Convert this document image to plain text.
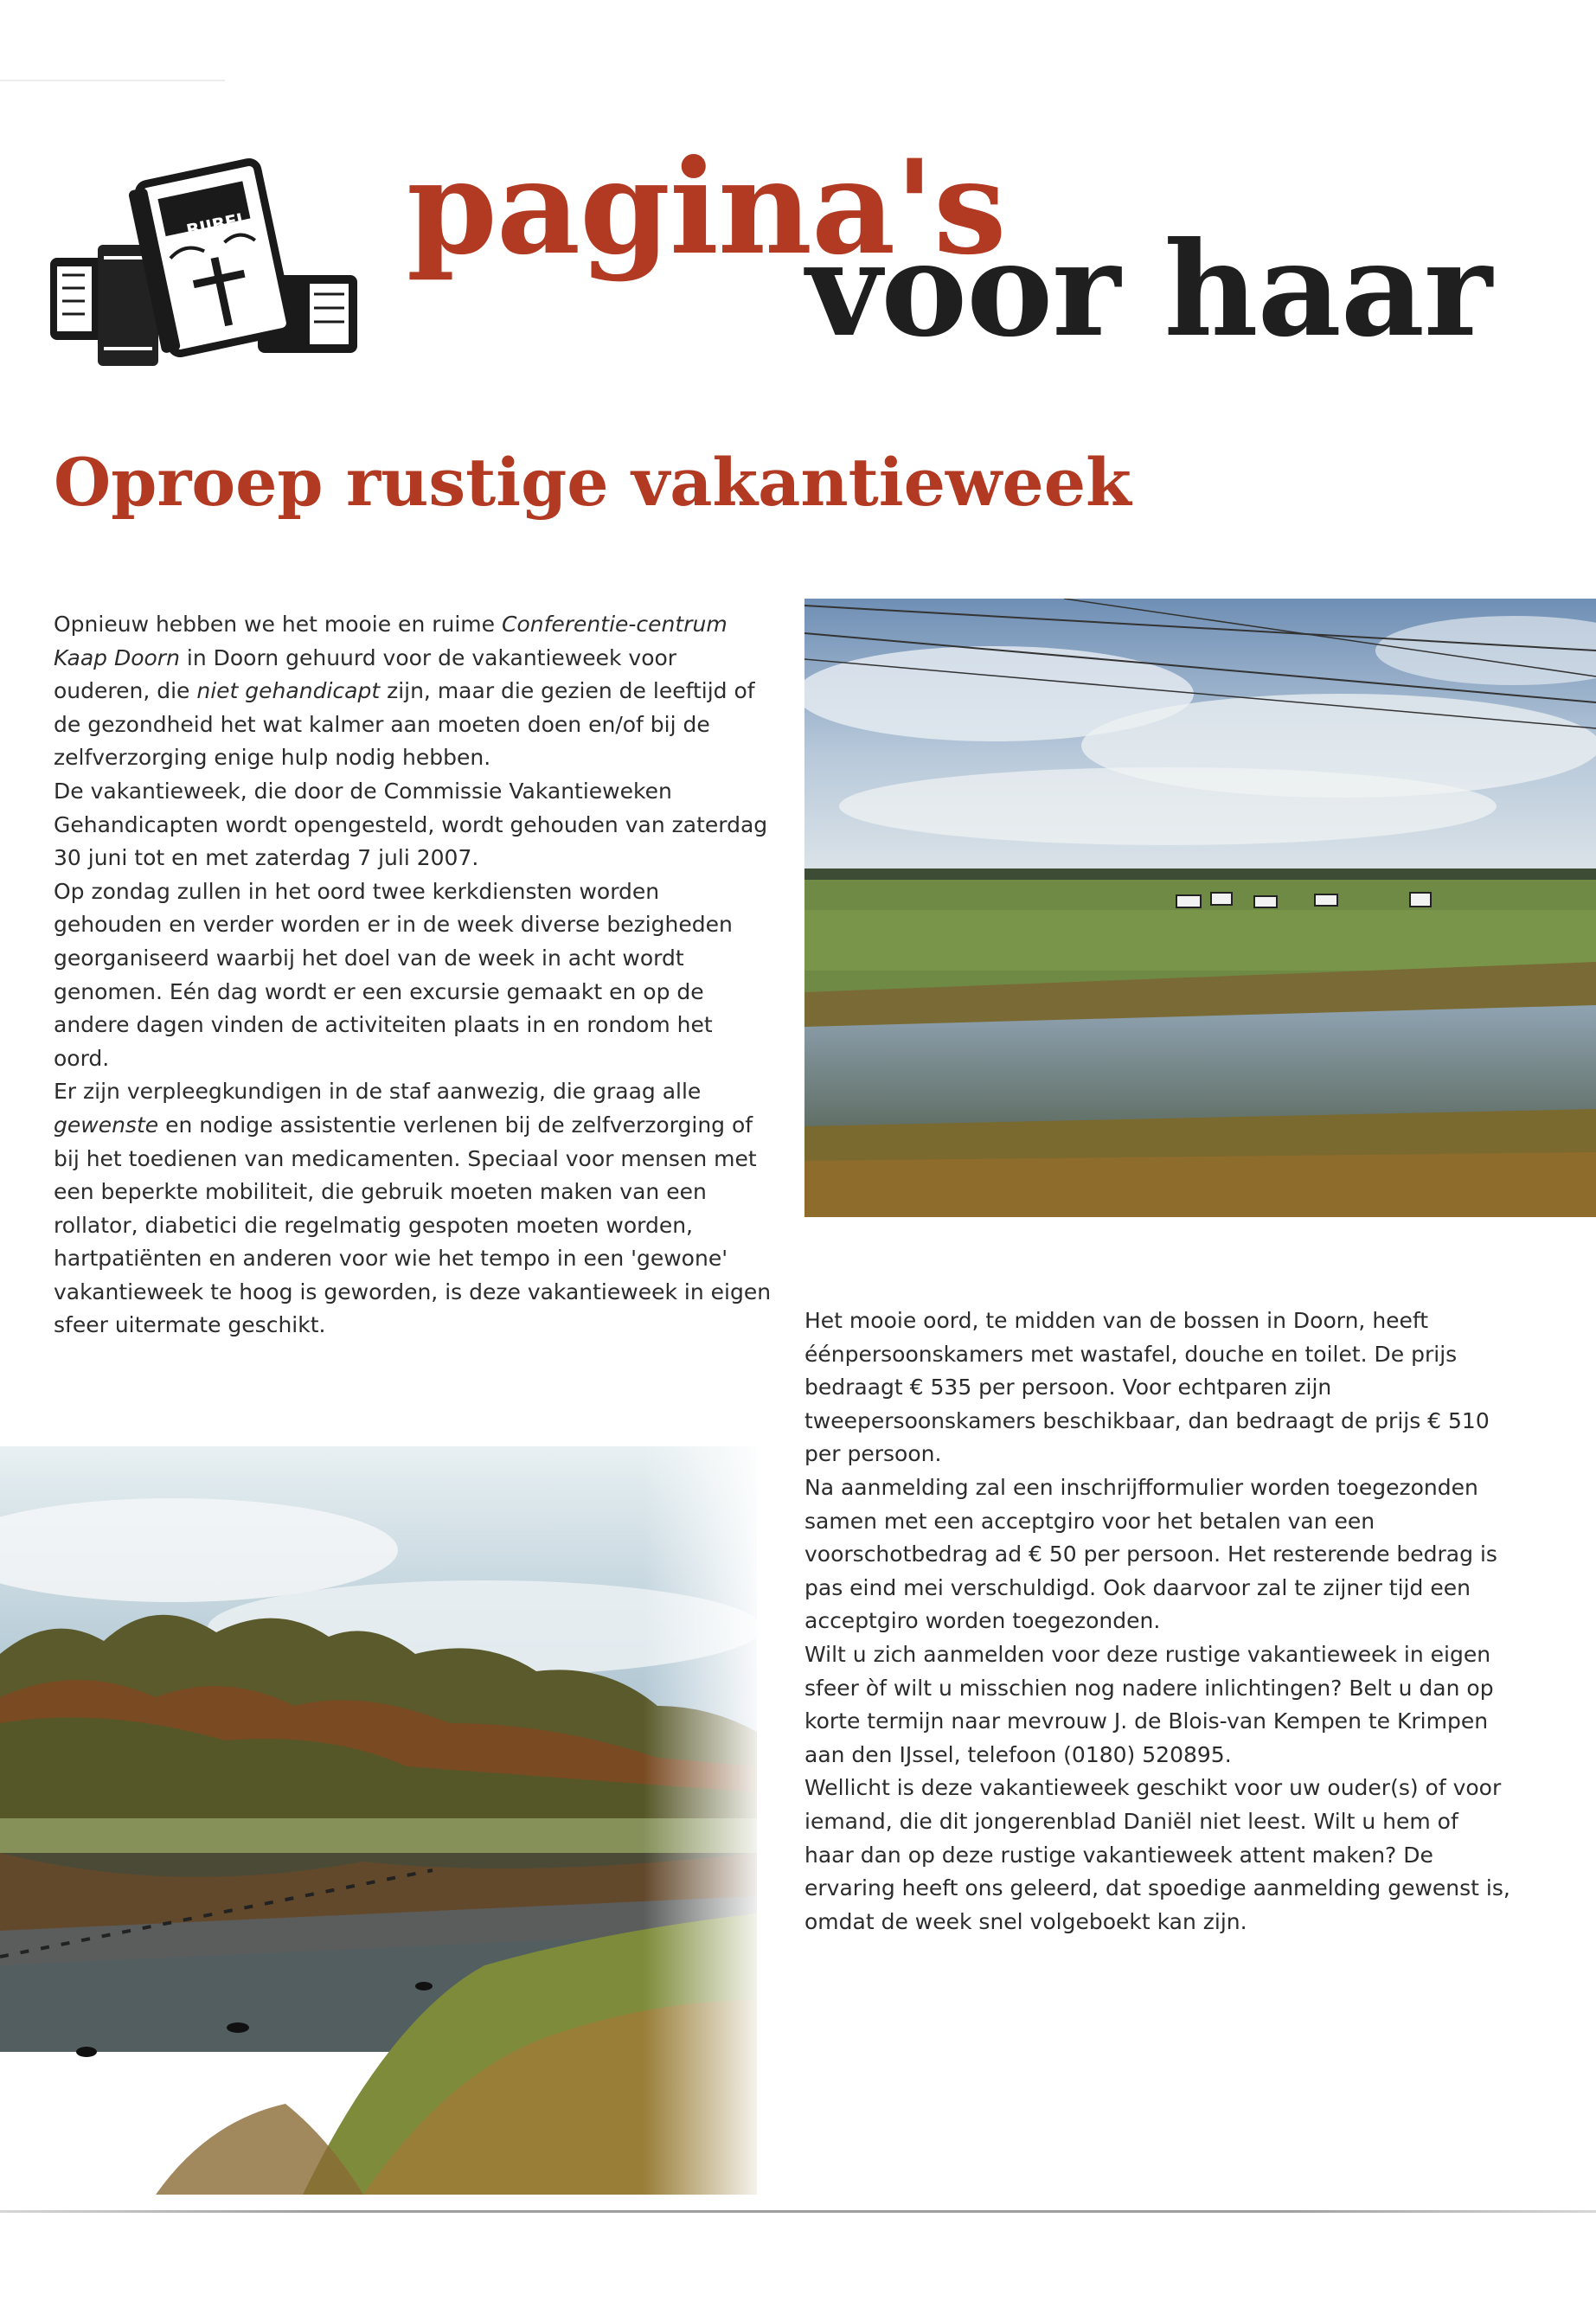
BIJBEL pagina's
voor haar
Oproep rustige vakantieweek

Opnieuw hebben we het mooie en ruime Conferentie-centrum Kaap Doorn in Doorn gehuurd voor de vakantieweek voor ouderen, die niet gehandicapt zijn, maar die gezien de leeftijd of de gezondheid het wat kalmer aan moeten doen en/of bij de zelfverzorging enige hulp nodig hebben.

De vakantieweek, die door de Commissie Vakantieweken Gehandicapten wordt opengesteld, wordt gehouden van zaterdag 30 juni tot en met zaterdag 7 juli 2007.

Op zondag zullen in het oord twee kerkdiensten worden gehouden en verder worden er in de week diverse bezigheden georganiseerd waarbij het doel van de week in acht wordt genomen. Eén dag wordt er een excursie gemaakt en op de andere dagen vinden de activiteiten plaats in en rondom het oord.

Er zijn verpleegkundigen in de staf aanwezig, die graag alle gewenste en nodige assistentie verlenen bij de zelfverzorging of bij het toedienen van medicamenten. Speciaal voor mensen met een beperkte mobiliteit, die gebruik moeten maken van een rollator, diabetici die regelmatig gespoten moeten worden, hartpatiënten en anderen voor wie het tempo in een 'gewone' vakantieweek te hoog is geworden, is deze vakantieweek in eigen sfeer uitermate geschikt.	Het mooie oord, te midden van de bossen in Doorn, heeft éénpersoonskamers met wastafel, douche en toilet. De prijs bedraagt € 535 per persoon. Voor echtparen zijn tweepersoonskamers beschikbaar, dan bedraagt de prijs € 510 per persoon.

Na aanmelding zal een inschrijfformulier worden toegezonden samen met een acceptgiro voor het betalen van een voorschotbedrag ad € 50 per persoon. Het resterende bedrag is pas eind mei verschuldigd. Ook daarvoor zal te zijner tijd een acceptgiro worden toegezonden.

Wilt u zich aanmelden voor deze rustige vakantieweek in eigen sfeer òf wilt u misschien nog nadere inlichtingen? Belt u dan op korte termijn naar mevrouw J. de Blois-van Kempen te Krimpen aan den IJssel, telefoon (0180) 520895.

Wellicht is deze vakantieweek geschikt voor uw ouder(s) of voor iemand, die dit jongerenblad Daniël niet leest. Wilt u hem of haar dan op deze rustige vakantieweek attent maken? De ervaring heeft ons geleerd, dat spoedige aanmelding gewenst is, omdat de week snel volgeboekt kan zijn.
